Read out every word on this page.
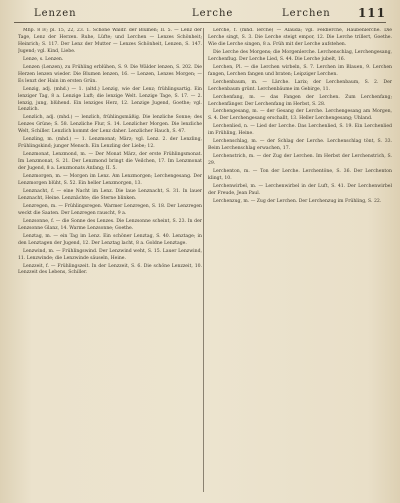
Lenzen	Lerche	Lerchen 111

Mhp. 8 iv; pl. 15, 22, 23. 1. Schöne Waldr. der Blumen; II. 5. — Lenz der Tage, Lenz der Herzen. Ruhe, Lüfte; und Lerchen — Lenzes Schönheit; Heinrich; S. 117. Der Lenz der Mutter — Lenzes Schönheit, Lenzen, S. 147. Jugend; vgl. Kind, Liebe.

Lenze, s. Lenzen.

Lenzen (Lenzen), zu Frühling erblühen, S. 9. Die Wälder lenzen, S. 202. Die Herzen lenzen wieder. Die Blumen lenzen, 16. — Lenzen, Lenzes Morgen; — Es lenzt der Hain im ersten Grün.

Lenzig, adj. (mhd.) — 1. (altd.) Lenzig, wie der Lenz; frühlingsartig. Ein lenziger Tag, 8 a. Lenzige Luft; die lenzige Welt. Lenzige Tage, S. 17. — 2. lenzig, jung, blühend. Ein lenziges Herz, 12. Lenzige Jugend, Goethe; vgl. Lenzlich.

Lenzlich, adj. (mhd.) — lenzlich, frühlingsmäßig. Die lenzliche Sonne; des Lenzes Grüne; S. 58. Lenzliche Flur, S. 14. Lenzlicher Morgen. Die lenzliche Welt, Schiller. Lenzlich kommt der Lenz daher. Lenzlicher Hauch, S. 47.

Lenzling, m. (mhd.) — 1. Lenzmonat; März; vgl. Lenz. 2. der Lenzling, Frühlingskind; junger Mensch. Ein Lenzling der Liebe; 12.

Lenzmonat, Lenzmond, m. — Der Monat März, der erste Frühlingsmonat. Im Lenzmonat, S. 21. Der Lenzmond bringt die Veilchen, 17. Im Lenzmonat der Jugend, 8 a. Lenzmonats Anfang; II. 5.

Lenzmorgen, m. — Morgen im Lenz. Am Lenzmorgen; Lerchengesang. Der Lenzmorgen blüht, S. 52. Ein heller Lenzmorgen, 13.

Lenznacht, f. — eine Nacht im Lenz. Die laue Lenznacht, S. 31. In lauer Lenznacht, Heine. Lenznächte; die Sterne blinken.

Lenzregen, m. — Frühlingsregen. Warmer Lenzregen, S. 18. Der Lenzregen weckt die Saaten. Der Lenzregen rauscht, 9 a.

Lenzsonne, f. — die Sonne des Lenzes. Die Lenzsonne scheint, S. 23. In der Lenzsonne Glanz, 14. Warme Lenzsonne; Goethe.

Lenztag, m. — ein Tag im Lenz. Ein schöner Lenztag, S. 40. Lenztage; in den Lenztagen der Jugend, 12. Der Lenztag lacht, 8 a. Goldne Lenztage.

Lenzwind, m. — Frühlingswind. Der Lenzwind weht, S. 15. Lauer Lenzwind, 11. Lenzwinde; die Lenzwinde säuseln, Heine.

Lenzzeit, f. — Frühlingszeit. In der Lenzzeit, S. 6. Die schöne Lenzzeit, 10. Lenzzeit des Lebens, Schiller.

Lerche, f. (mhd. lêrche) — Alauda; vgl. Feldlerche, Haubenlerche. Die Lerche singt, S. 3. Die Lerche steigt empor, 12. Die Lerche trillert, Goethe. Wie die Lerche singen, 8 a. Früh mit der Lerche aufstehen.

Die Lerche des Morgens; die Morgenlerche. Lerchenschlag, Lerchengesang, Lerchenflug. Der Lerche Lied, S. 44. Die Lerche jubelt, 16.

Lerchen, Pl. — die Lerchen wirbeln, S. 7. Lerchen im Blauen, 9. Lerchen fangen, Lerchen fangen und braten; Leipziger Lerchen.

Lerchenbaum, m. — Lärche. Larix; der Lerchenbaum, S. 2. Der Lerchenbaum grünt. Lerchenbäume im Gebirge, 11.

Lerchenfang, m. — das Fangen der Lerchen. Zum Lerchenfang; Lerchenfänger. Der Lerchenfang im Herbst, S. 28.

Lerchengesang, m. — der Gesang der Lerche. Lerchengesang am Morgen, S. 4. Der Lerchengesang erschallt, 13. Heller Lerchengesang; Uhland.

Lerchenlied, n. — Lied der Lerche. Das Lerchenlied, S. 19. Ein Lerchenlied im Frühling, Heine.

Lerchenschlag, m. — der Schlag der Lerche. Lerchenschlag tönt, S. 33. Beim Lerchenschlag erwachen, 17.

Lerchenstrich, m. — der Zug der Lerchen. Im Herbst der Lerchenstrich, S. 29.

Lerchenton, m. — Ton der Lerche. Lerchentöne, S. 36. Der Lerchenton klingt, 10.

Lerchenwirbel, m. — Lerchenwirbel in der Luft, S. 41. Der Lerchenwirbel der Freude, Jean Paul.

Lerchenzug, m. — Zug der Lerchen. Der Lerchenzug im Frühling, S. 22.
